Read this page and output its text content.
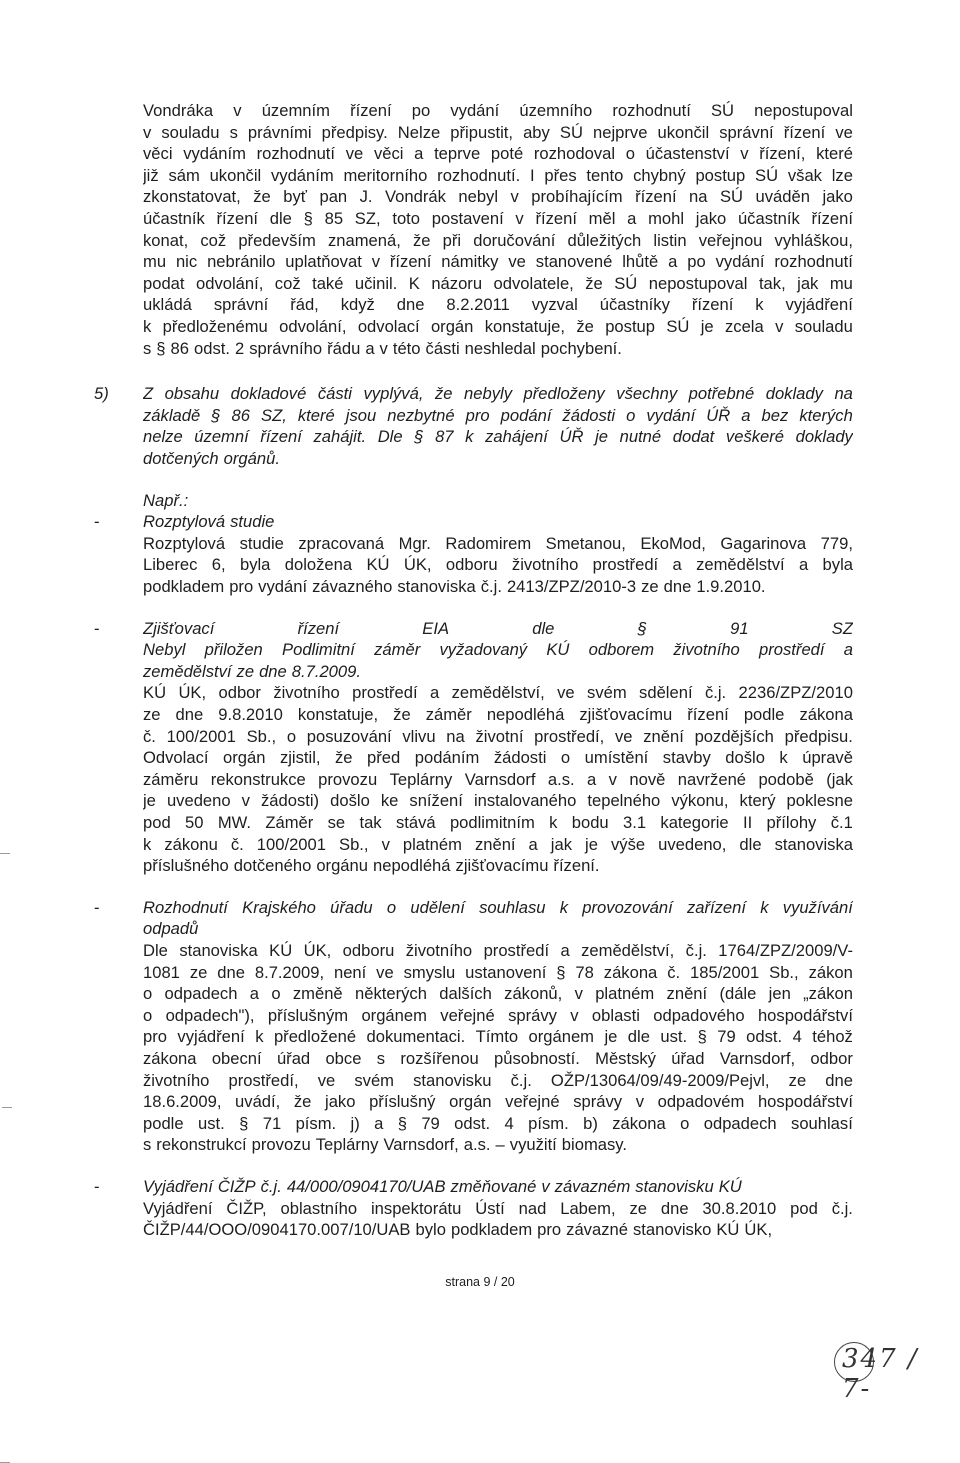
Vondráka v územním řízení po vydání územního rozhodnutí SÚ nepostupoval
v souladu s právními předpisy. Nelze připustit, aby SÚ nejprve ukončil správní řízení ve
věci vydáním rozhodnutí ve věci a teprve poté rozhodoval o účastenství v řízení, které
již sám ukončil vydáním meritorního rozhodnutí. I přes tento chybný postup SÚ však lze
zkonstatovat, že byť pan J. Vondrák nebyl v probíhajícím řízení na SÚ uváděn jako
účastník řízení dle § 85 SZ, toto postavení v řízení měl a mohl jako účastník řízení
konat, což především znamená, že při doručování důležitých listin veřejnou vyhláškou,
mu nic nebránilo uplatňovat v řízení námitky ve stanovené lhůtě a po vydání rozhodnutí
podat odvolání, což také učinil. K názoru odvolatele, že SÚ nepostupoval tak, jak mu
ukládá správní řád, když dne 8.2.2011 vyzval účastníky řízení k vyjádření
k předloženému odvolání, odvolací orgán konstatuje, že postup SÚ je zcela v souladu
s § 86 odst. 2 správního řádu a v této části neshledal pochybení.
5) Z obsahu dokladové části vyplývá, že nebyly předloženy všechny potřebné doklady na
základě § 86 SZ, které jsou nezbytné pro podání žádosti o vydání ÚŘ a bez kterých
nelze územní řízení zahájit. Dle § 87 k zahájení ÚŘ je nutné dodat veškeré doklady
dotčených orgánů.
Např.:
-	Rozptylová studie
Rozptylová studie zpracovaná Mgr. Radomirem Smetanou, EkoMod, Gagarinova 779,
Liberec 6, byla doložena KÚ ÚK, odboru životního prostředí a zemědělství a byla
podkladem pro vydání závazného stanoviska č.j. 2413/ZPZ/2010-3 ze dne 1.9.2010.
-	Zjišťovací	řízení	EIA	dle	§	91	SZ
Nebyl přiložen Podlimitní záměr vyžadovaný KÚ odborem životního prostředí a
zemědělství ze dne 8.7.2009.
KÚ ÚK, odbor životního prostředí a zemědělství, ve svém sdělení č.j. 2236/ZPZ/2010
ze dne 9.8.2010 konstatuje, že záměr nepodléhá zjišťovacímu řízení podle zákona
č. 100/2001 Sb., o posuzování vlivu na životní prostředí, ve znění pozdějších předpisu.
Odvolací orgán zjistil, že před podáním žádosti o umístění stavby došlo k úpravě
záměru rekonstrukce provozu Teplárny Varnsdorf a.s. a v nově navržené podobě (jak
je uvedeno v žádosti) došlo ke snížení instalovaného tepelného výkonu, který poklesne
pod 50 MW. Záměr se tak stává podlimitním k bodu 3.1 kategorie II přílohy č.1
k zákonu č. 100/2001 Sb., v platném znění a jak je výše uvedeno, dle stanoviska
příslušného dotčeného orgánu nepodléhá zjišťovacímu řízení.
-	Rozhodnutí Krajského úřadu o udělení souhlasu k provozování zařízení k využívání
odpadů
Dle stanoviska KÚ ÚK, odboru životního prostředí a zemědělství, č.j. 1764/ZPZ/2009/V-
1081 ze dne 8.7.2009, není ve smyslu ustanovení § 78 zákona č. 185/2001 Sb., zákon
o odpadech a o změně některých dalších zákonů, v platném znění (dále jen „zákon
o odpadech"), příslušným orgánem veřejné správy v oblasti odpadového hospodářství
pro vyjádření k předložené dokumentaci. Tímto orgánem je dle ust. § 79 odst. 4 téhož
zákona obecní úřad obce s rozšířenou působností. Městský úřad Varnsdorf, odbor
životního prostředí, ve svém stanovisku č.j. OŽP/13064/09/49-2009/Pejvl, ze dne
18.6.2009, uvádí, že jako příslušný orgán veřejné správy v odpadovém hospodářství
podle ust. § 71 písm. j) a § 79 odst. 4 písm. b) zákona o odpadech souhlasí
s rekonstrukcí provozu Teplárny Varnsdorf, a.s. – využití biomasy.
-	Vyjádření ČIŽP č.j. 44/000/0904170/UAB změňované v závazném stanovisku KÚ
Vyjádření ČIŽP, oblastního inspektorátu Ústí nad Labem, ze dne 30.8.2010 pod č.j.
ČIŽP/44/OOO/0904170.007/10/UAB bylo podkladem pro závazné stanovisko KÚ ÚK,
strana 9 / 20
347 / 7-
